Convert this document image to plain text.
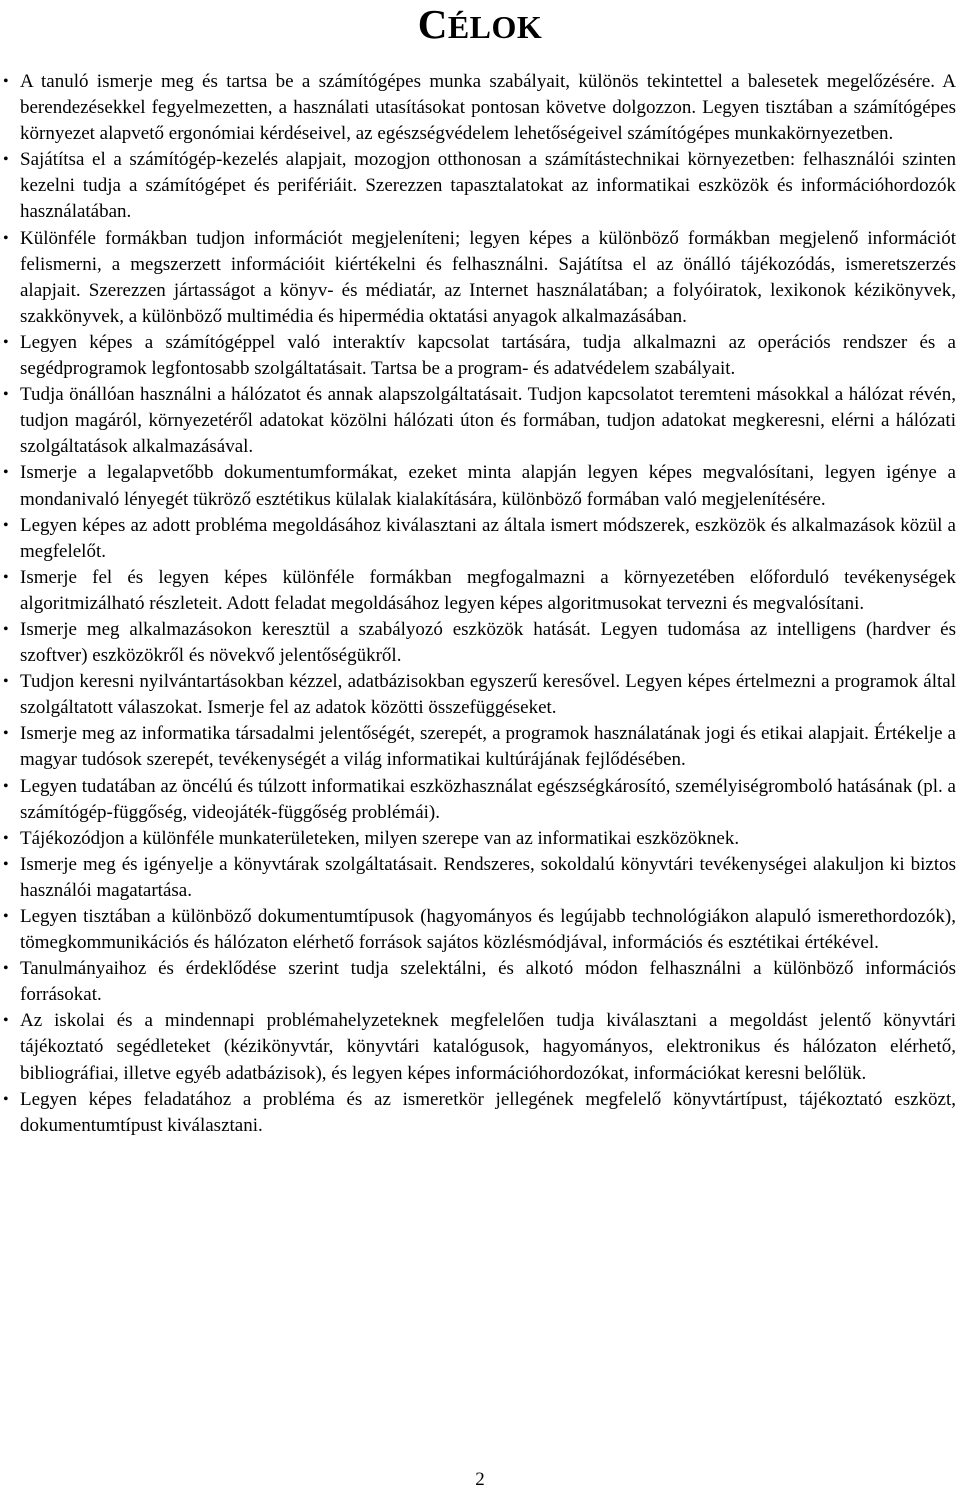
CÉLOK
• A tanuló ismerje meg és tartsa be a számítógépes munka szabályait, különös tekintettel a balesetek megelőzésére. A berendezésekkel fegyelmezetten, a használati utasításokat pontosan követve dolgozzon. Legyen tisztában a számítógépes környezet alapvető ergonómiai kérdéseivel, az egészségvédelem lehetőségeivel számítógépes munkakörnyezetben.
• Sajátítsa el a számítógép-kezelés alapjait, mozogjon otthonosan a számítástechnikai környezetben: felhasználói szinten kezelni tudja a számítógépet és perifériáit. Szerezzen tapasztalatokat az informatikai eszközök és információhordozók használatában.
• Különféle formákban tudjon információt megjeleníteni; legyen képes a különböző formákban megjelenő információt felismerni, a megszerzett információit kiértékelni és felhasználni. Sajátítsa el az önálló tájékozódás, ismeretszerzés alapjait. Szerezzen jártasságot a könyv- és médiatár, az Internet használatában; a folyóiratok, lexikonok kézikönyvek, szakkönyvek, a különböző multimédia és hipermédia oktatási anyagok alkalmazásában.
• Legyen képes a számítógéppel való interaktív kapcsolat tartására, tudja alkalmazni az operációs rendszer és a segédprogramok legfontosabb szolgáltatásait. Tartsa be a program- és adatvédelem szabályait.
• Tudja önállóan használni a hálózatot és annak alapszolgáltatásait. Tudjon kapcsolatot teremteni másokkal a hálózat révén, tudjon magáról, környezetéről adatokat közölni hálózati úton és formában, tudjon adatokat megkeresni, elérni a hálózati szolgáltatások alkalmazásával.
• Ismerje a legalapvetőbb dokumentumformákat, ezeket minta alapján legyen képes megvalósítani, legyen igénye a mondanivaló lényegét tükröző esztétikus külalak kialakítására, különböző formában való megjelenítésére.
• Legyen képes az adott probléma megoldásához kiválasztani az általa ismert módszerek, eszközök és alkalmazások közül a megfelelőt.
• Ismerje fel és legyen képes különféle formákban megfogalmazni a környezetében előforduló tevékenységek algoritmizálható részleteit. Adott feladat megoldásához legyen képes algoritmusokat tervezni és megvalósítani.
• Ismerje meg alkalmazásokon keresztül a szabályozó eszközök hatását. Legyen tudomása az intelligens (hardver és szoftver) eszközökről és növekvő jelentőségükről.
• Tudjon keresni nyilvántartásokban kézzel, adatbázisokban egyszerű keresővel. Legyen képes értelmezni a programok által szolgáltatott válaszokat. Ismerje fel az adatok közötti összefüggéseket.
• Ismerje meg az informatika társadalmi jelentőségét, szerepét, a programok használatának jogi és etikai alapjait. Értékelje a magyar tudósok szerepét, tevékenységét a világ informatikai kultúrájának fejlődésében.
• Legyen tudatában az öncélú és túlzott informatikai eszközhasználat egészségkárosító, személyiségromboló hatásának (pl. a számítógép-függőség, videojáték-függőség problémái).
• Tájékozódjon a különféle munkaterületeken, milyen szerepe van az informatikai eszközöknek.
• Ismerje meg és igényelje a könyvtárak szolgáltatásait. Rendszeres, sokoldalú könyvtári tevékenységei alakuljon ki biztos használói magatartása.
• Legyen tisztában a különböző dokumentumtípusok (hagyományos és legújabb technológiákon alapuló ismerethordozók), tömegkommunikációs és hálózaton elérhető források sajátos közlésmódjával, információs és esztétikai értékével.
• Tanulmányaihoz és érdeklődése szerint tudja szelektálni, és alkotó módon felhasználni a különböző információs forrásokat.
• Az iskolai és a mindennapi problémahelyzeteknek megfelelően tudja kiválasztani a megoldást jelentő könyvtári tájékoztató segédleteket (kézikönyvtár, könyvtári katalógusok, hagyományos, elektronikus és hálózaton elérhető, bibliográfiai, illetve egyéb adatbázisok), és legyen képes információhordozókat, információkat keresni belőlük.
• Legyen képes feladatához a probléma és az ismeretkör jellegének megfelelő könyvtártípust, tájékoztató eszközt, dokumentumtípust kiválasztani.
2
